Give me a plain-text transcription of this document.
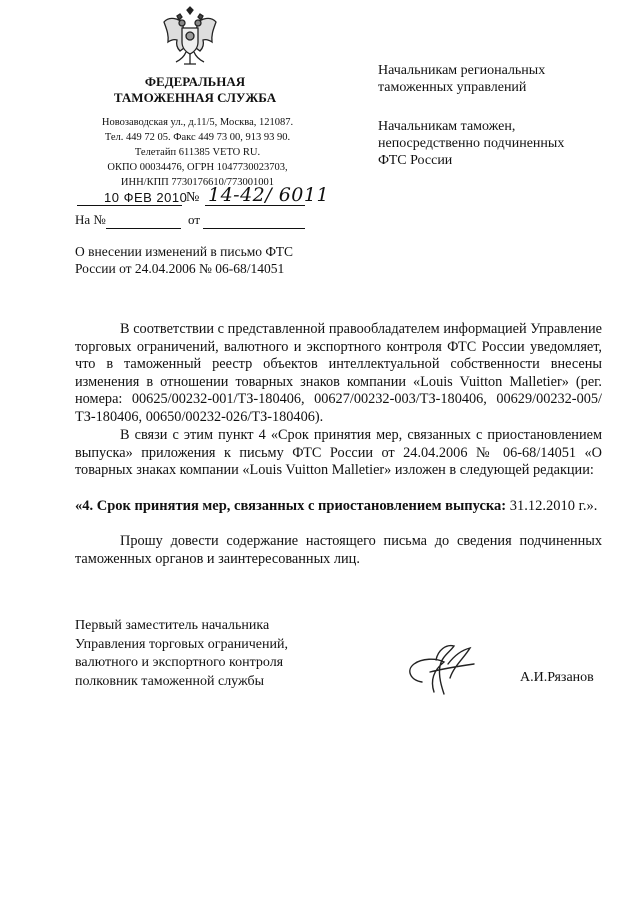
ФЕДЕРАЛЬНАЯ
ТАМОЖЕННАЯ СЛУЖБА
Новозаводская ул., д.11/5, Москва, 121087.
Тел. 449 72 05. Факс 449 73 00, 913 93 90.
Телетайп 611385 VETO RU.
ОКПО 00034476, ОГРН 1047730023703,
ИНН/КПП 7730176610/773001001
10 ФЕВ 2010
№ 14-42/ 6011
На №	от
О внесении изменений в письмо ФТС
России от 24.04.2006 № 06-68/14051
Начальникам региональных
таможенных управлений
Начальникам таможен,
непосредственно подчиненных
ФТС России
В соответствии с представленной правообладателем информацией Управление торговых ограничений, валютного и экспортного контроля ФТС России уведомляет, что в таможенный реестр объектов интеллектуальной собственности внесены изменения в отношении товарных знаков компании «Louis Vuitton Malletier» (рег. номера: 00625/00232-001/ТЗ-180406, 00627/00232-003/ТЗ-180406, 00629/00232-005/ТЗ-180406, 00650/00232-026/ТЗ-180406).
В связи с этим пункт 4 «Срок принятия мер, связанных с приостановлением выпуска» приложения к письму ФТС России от 24.04.2006 № 06-68/14051 «О товарных знаках компании «Louis Vuitton Malletier» изложен в следующей редакции:
«4. Срок принятия мер, связанных с приостановлением выпуска: 31.12.2010 г.».
Прошу довести содержание настоящего письма до сведения подчиненных таможенных органов и заинтересованных лиц.
Первый заместитель начальника
Управления торговых ограничений,
валютного и экспортного контроля
полковник таможенной службы	А.И.Рязанов
